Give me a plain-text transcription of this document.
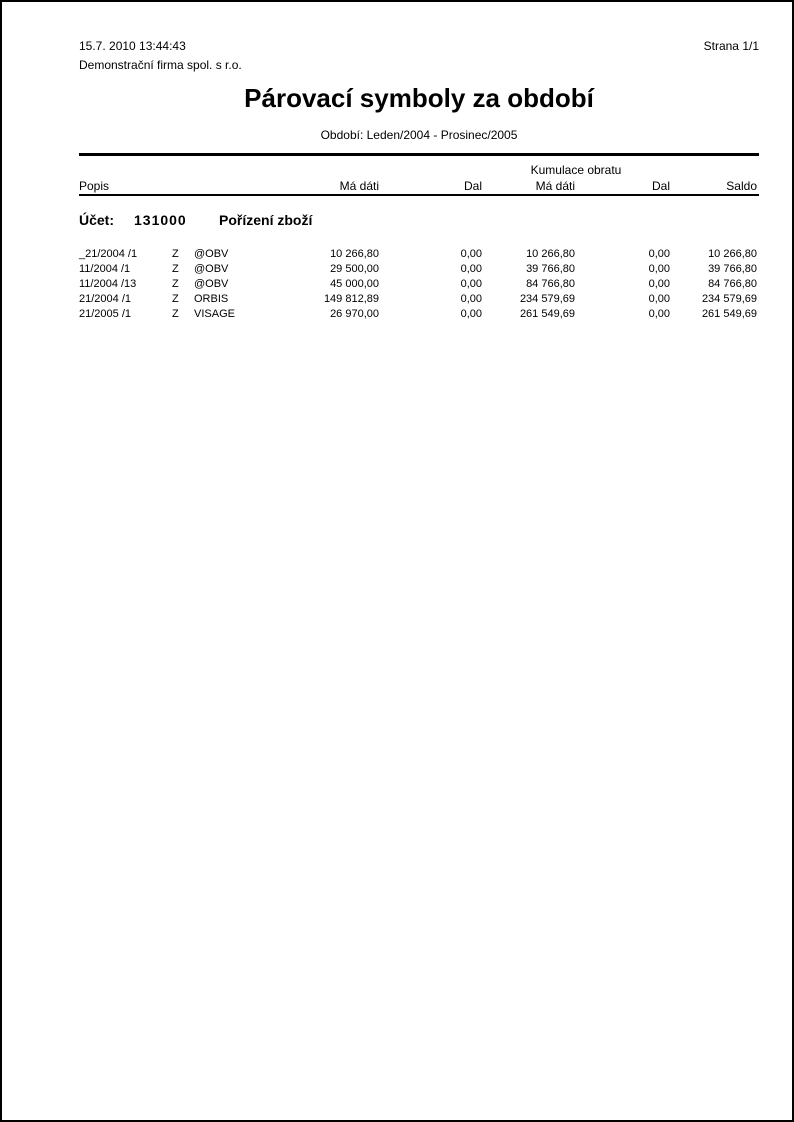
15.7. 2010 13:44:43	Strana 1/1
Demonstrační firma spol. s r.o.
Párovací symboly za období
Období: Leden/2004 - Prosinec/2005
Kumulace obratu
Popis	Má dáti	Dal	Má dáti	Dal	Saldo
Účet: 131000 Pořízení zboží
_21/2004 /1	Z	@OBV	10 266,80	0,00	10 266,80	0,00	10 266,80
11/2004 /1	Z	@OBV	29 500,00	0,00	39 766,80	0,00	39 766,80
11/2004 /13	Z	@OBV	45 000,00	0,00	84 766,80	0,00	84 766,80
21/2004 /1	Z	ORBIS	149 812,89	0,00	234 579,69	0,00	234 579,69
21/2005 /1	Z	VISAGE	26 970,00	0,00	261 549,69	0,00	261 549,69
